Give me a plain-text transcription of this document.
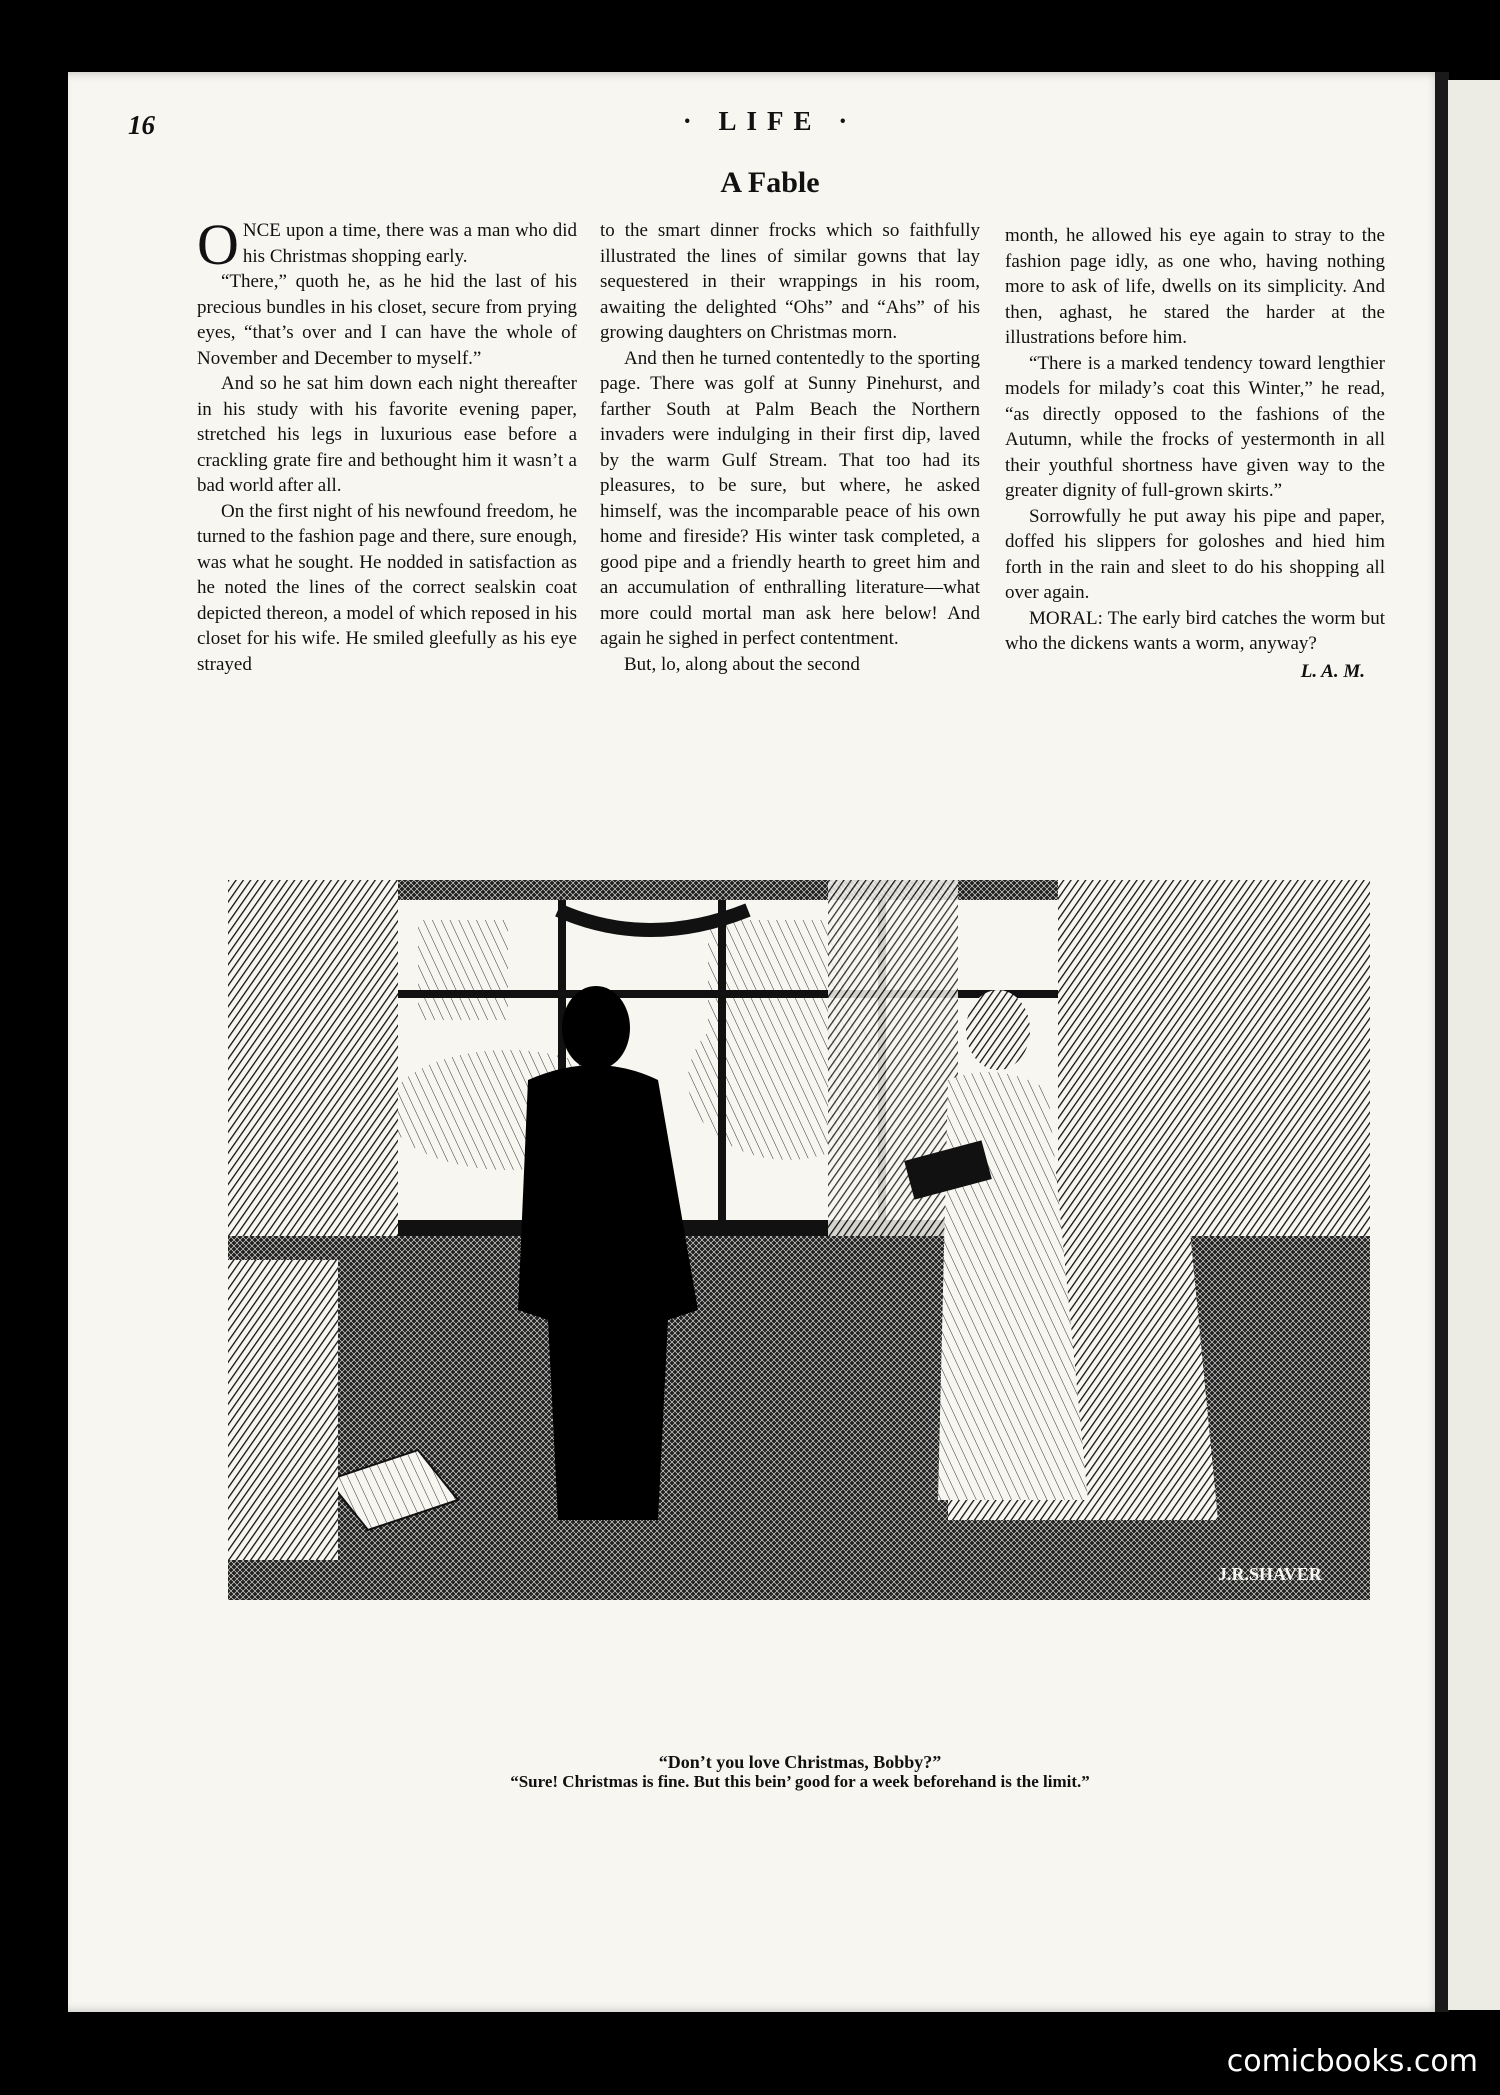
16	· LIFE ·
A Fable

ONCE upon a time, there was a man who did his Christmas shopping early.

“There,” quoth he, as he hid the last of his precious bundles in his closet, secure from prying eyes, “that’s over and I can have the whole of November and December to myself.”

And so he sat him down each night thereafter in his study with his favorite evening paper, stretched his legs in luxurious ease before a crackling grate fire and bethought him it wasn’t a bad world after all.

On the first night of his newfound freedom, he turned to the fashion page and there, sure enough, was what he sought. He nodded in satisfaction as he noted the lines of the correct sealskin coat depicted thereon, a model of which reposed in his closet for his wife. He smiled gleefully as his eye strayed

to the smart dinner frocks which so faithfully illustrated the lines of similar gowns that lay sequestered in their wrappings in his room, awaiting the delighted “Ohs” and “Ahs” of his growing daughters on Christmas morn.

And then he turned contentedly to the sporting page. There was golf at Sunny Pinehurst, and farther South at Palm Beach the Northern invaders were indulging in their first dip, laved by the warm Gulf Stream. That too had its pleasures, to be sure, but where, he asked himself, was the incomparable peace of his own home and fireside? His winter task completed, a good pipe and a friendly hearth to greet him and an accumulation of enthralling literature—what more could mortal man ask here below! And again he sighed in perfect contentment.

But, lo, along about the second

month, he allowed his eye again to stray to the fashion page idly, as one who, having nothing more to ask of life, dwells on its simplicity. And then, aghast, he stared the harder at the illustrations before him.

“There is a marked tendency toward lengthier models for milady’s coat this Winter,” he read, “as directly opposed to the fashions of the Autumn, while the frocks of yestermonth in all their youthful shortness have given way to the greater dignity of full-grown skirts.”

Sorrowfully he put away his pipe and paper, doffed his slippers for goloshes and hied him forth in the rain and sleet to do his shopping all over again.

MORAL: The early bird catches the worm but who the dickens wants a worm, anyway?

L. A. M.
J.R.SHAVER
“Don’t you love Christmas, Bobby?”
“Sure! Christmas is fine. But this bein’ good for a week beforehand is the limit.”
comicbooks.com
